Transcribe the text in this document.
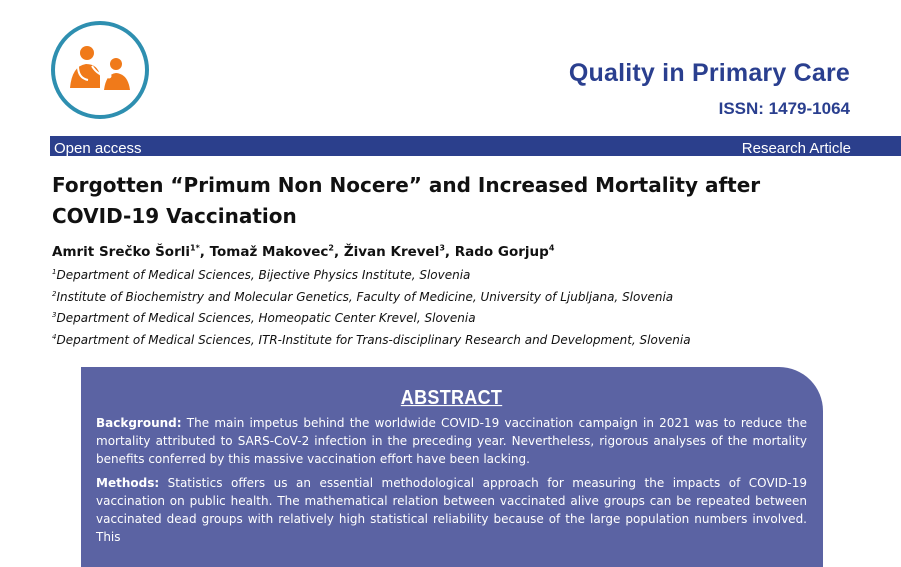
Quality in Primary Care
ISSN: 1479-1064
Open access	Research Article
Forgotten “Primum Non Nocere” and Increased Mortality after
COVID-19 Vaccination
Amrit Srečko Šorli$^{1*}$, Tomaž Makovec$^2$, Živan Krevel$^3$, Rado Gorjup$^4$
$^1$Department of Medical Sciences, Bijective Physics Institute, Slovenia
$^2$Institute of Biochemistry and Molecular Genetics, Faculty of Medicine, University of Ljubljana, Slovenia
$^3$Department of Medical Sciences, Homeopatic Center Krevel, Slovenia
$^4$Department of Medical Sciences, ITR-Institute for Trans-disciplinary Research and Development, Slovenia
ABSTRACT

Background: The main impetus behind the worldwide COVID-19 vaccination campaign in 2021 was to reduce the mortality attributed to SARS-CoV-2 infection in the preceding year. Nevertheless, rigorous analyses of the mortality benefits conferred by this massive vaccination effort have been lacking.

Methods: Statistics offers us an essential methodological approach for measuring the impacts of COVID-19 vaccination on public health. The mathematical relation between vaccinated alive groups can be repeated between vaccinated dead groups with relatively high statistical reliability because of the large population numbers involved. This
